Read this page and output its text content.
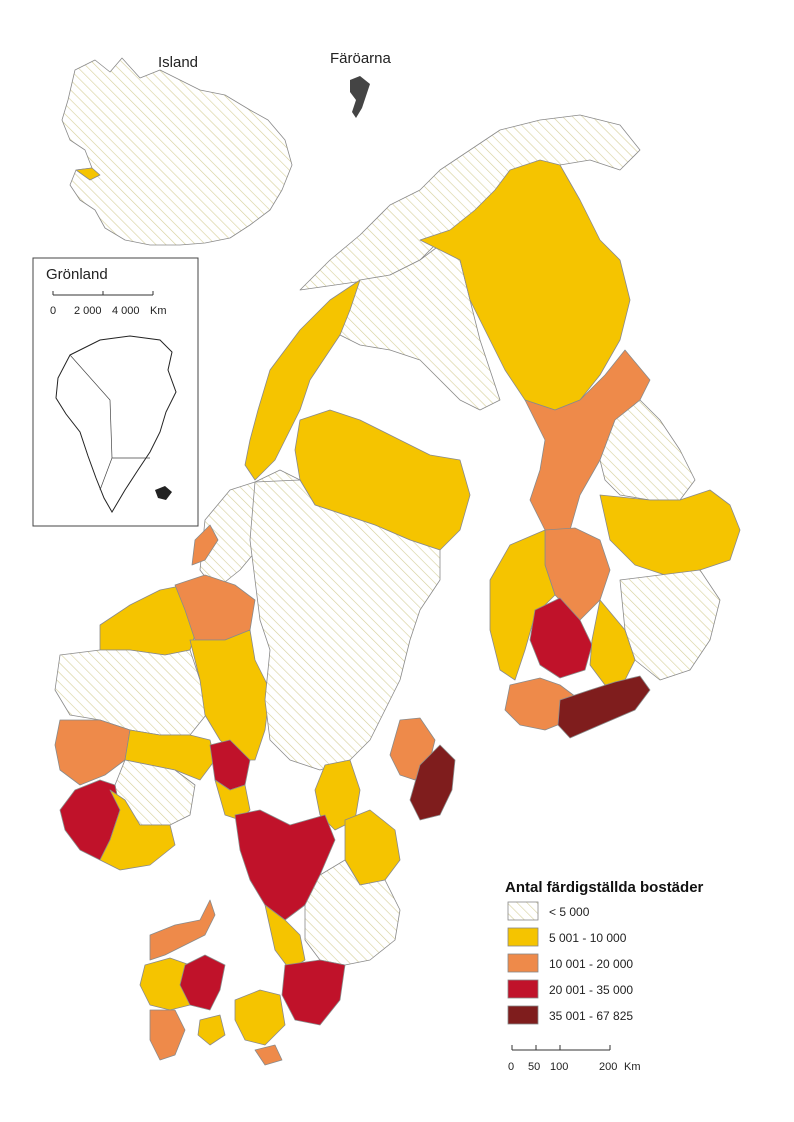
Island	Färöarna
Grönland
0 2 000 4 000 Km
Antal färdigställda bostäder
< 5 000
5 001 - 10 000
10 001 - 20 000
20 001 - 35 000
35 001 - 67 825
0 50 100	200 Km
